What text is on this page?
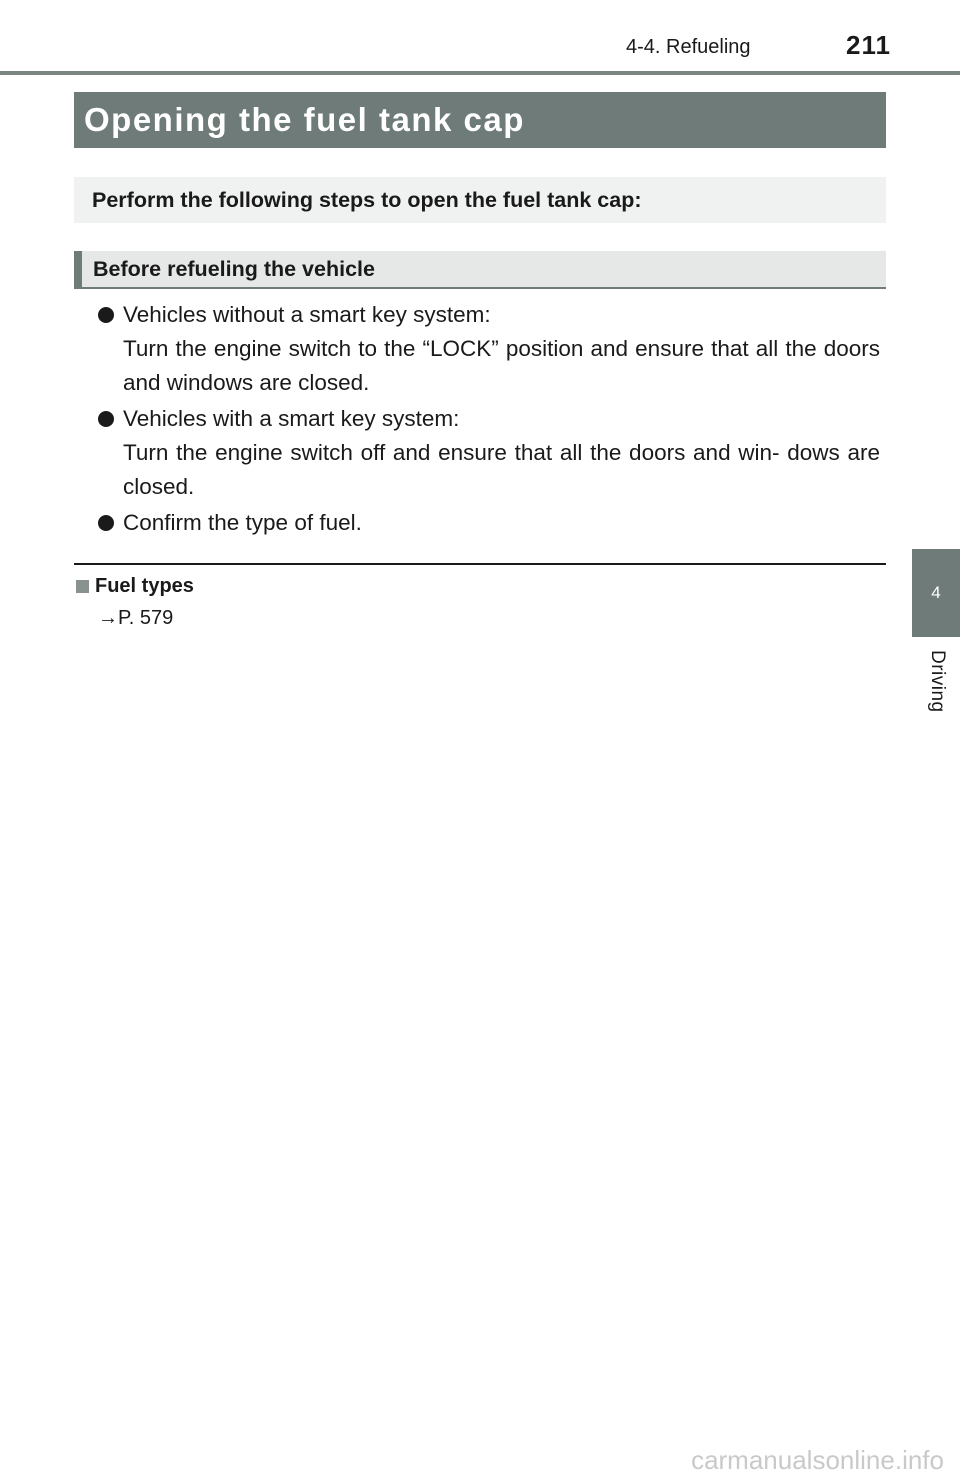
4-4. Refueling	211
Opening the fuel tank cap
Perform the following steps to open the fuel tank cap:
Before refueling the vehicle
Vehicles without a smart key system:
Turn the engine switch to the “LOCK” position and ensure that all the doors and windows are closed.
Vehicles with a smart key system:
Turn the engine switch off and ensure that all the doors and win- dows are closed.
Confirm the type of fuel.
Fuel types
→P. 579
4
Driving
carmanualsonline.info
